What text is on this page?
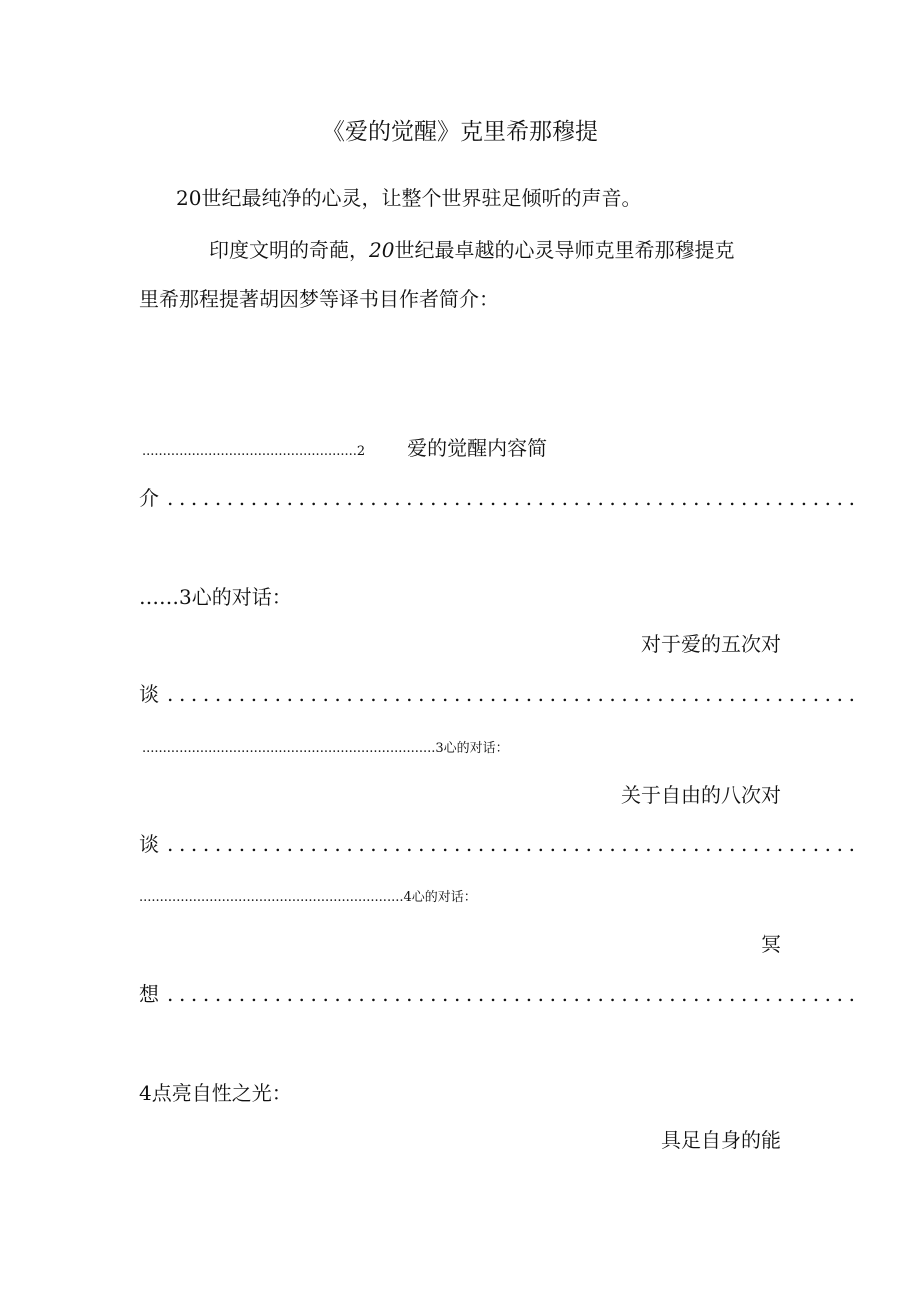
《爱的觉醒》克里希那穆提
20世纪最纯净的心灵，让整个世界驻足倾听的声音。
印度文明的奇葩，20世纪最卓越的心灵导师克里希那穆提克
里希那程提著胡因梦等译书目作者简介：
....................................................2 爱的觉醒内容简
介 ..........................................................
……3心的对话：
对于爱的五次对
谈 ..........................................................
.......................................................................3心的对话：
关于自由的八次对
谈 ..........................................................
................................................................4心的对话：
冥
想 ..........................................................
4点亮自性之光：
具足自身的能
